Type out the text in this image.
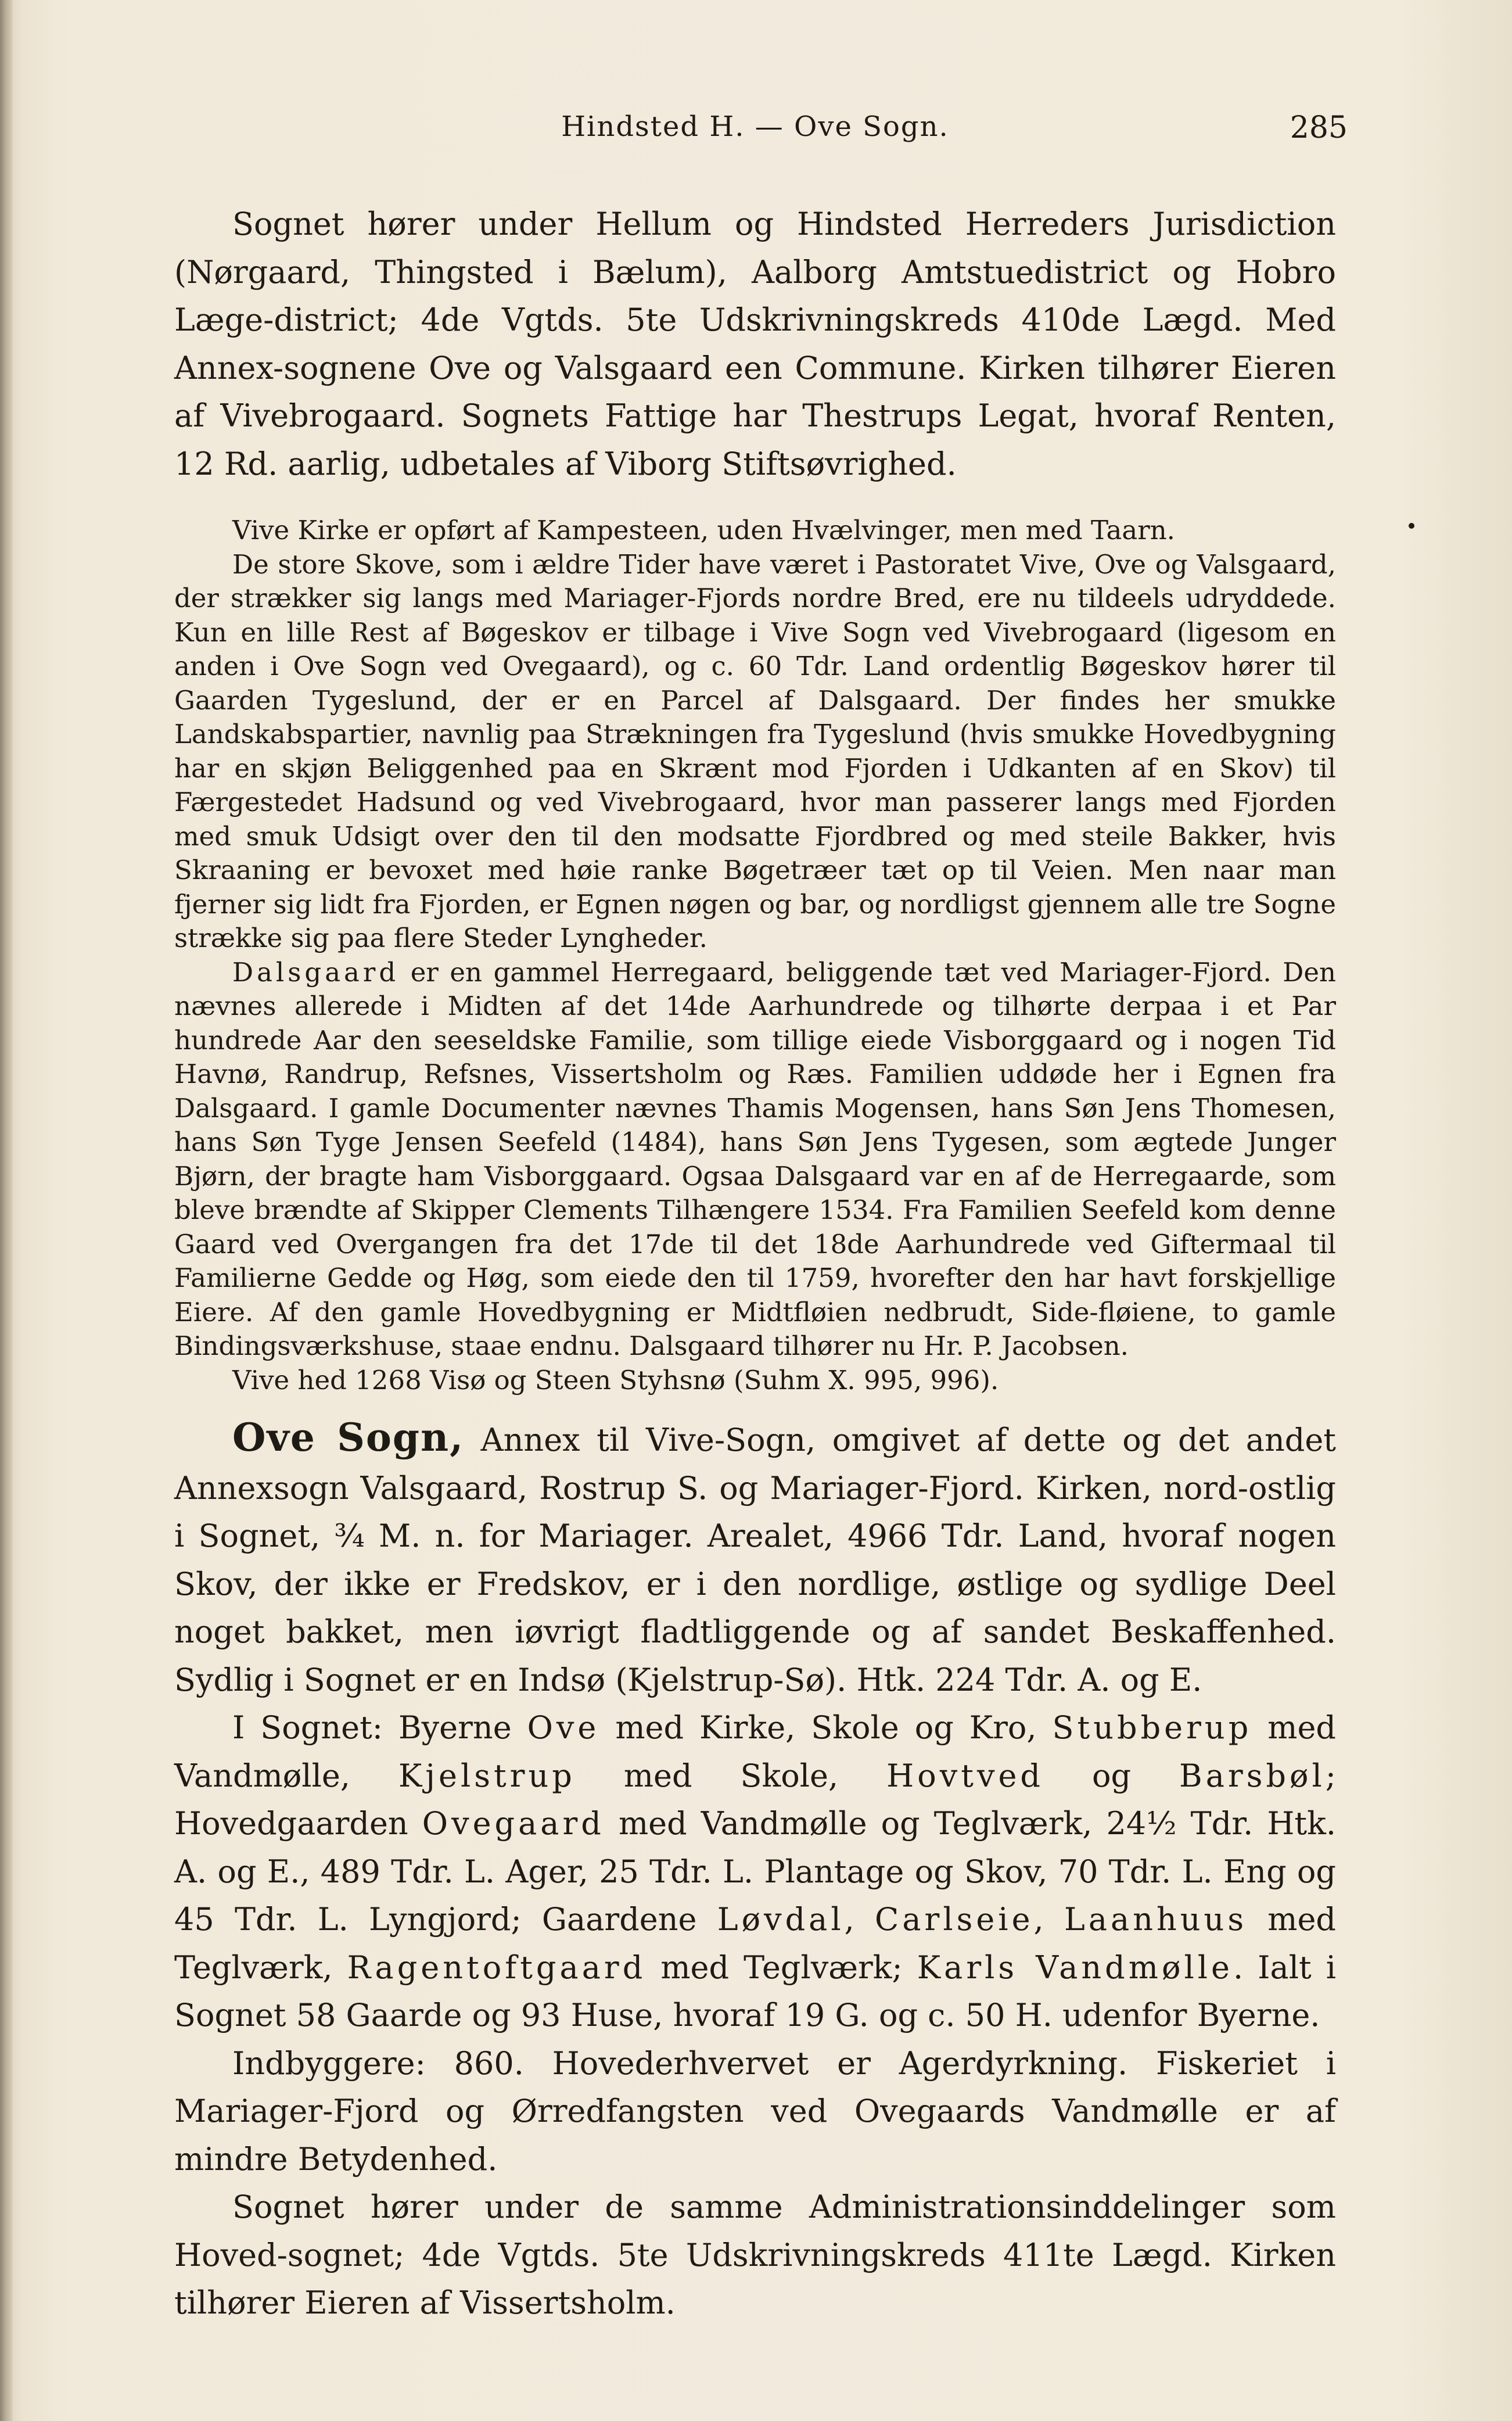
Hindsted H. — Ove Sogn.	285

Sognet hører under Hellum og Hindsted Herreders Jurisdiction (Nørgaard, Thingsted i Bælum), Aalborg Amtstuedistrict og Hobro Læge-district; 4de Vgtds. 5te Udskrivningskreds 410de Lægd. Med Annex-sognene Ove og Valsgaard een Commune. Kirken tilhører Eieren af Vivebrogaard. Sognets Fattige har Thestrups Legat, hvoraf Renten, 12 Rd. aarlig, udbetales af Viborg Stiftsøvrighed.

Vive Kirke er opført af Kampesteen, uden Hvælvinger, men med Taarn.

De store Skove, som i ældre Tider have været i Pastoratet Vive, Ove og Valsgaard, der strækker sig langs med Mariager-Fjords nordre Bred, ere nu tildeels udryddede. Kun en lille Rest af Bøgeskov er tilbage i Vive Sogn ved Vivebrogaard (ligesom en anden i Ove Sogn ved Ovegaard), og c. 60 Tdr. Land ordentlig Bøgeskov hører til Gaarden Tygeslund, der er en Parcel af Dalsgaard. Der findes her smukke Landskabspartier, navnlig paa Strækningen fra Tygeslund (hvis smukke Hovedbygning har en skjøn Beliggenhed paa en Skrænt mod Fjorden i Udkanten af en Skov) til Færgestedet Hadsund og ved Vivebrogaard, hvor man passerer langs med Fjorden med smuk Udsigt over den til den modsatte Fjordbred og med steile Bakker, hvis Skraaning er bevoxet med høie ranke Bøgetræer tæt op til Veien. Men naar man fjerner sig lidt fra Fjorden, er Egnen nøgen og bar, og nordligst gjennem alle tre Sogne strække sig paa flere Steder Lyngheder.

Dalsgaard er en gammel Herregaard, beliggende tæt ved Mariager-Fjord. Den nævnes allerede i Midten af det 14de Aarhundrede og tilhørte derpaa i et Par hundrede Aar den seeseldske Familie, som tillige eiede Visborggaard og i nogen Tid Havnø, Randrup, Refsnes, Vissertsholm og Ræs. Familien uddøde her i Egnen fra Dalsgaard. I gamle Documenter nævnes Thamis Mogensen, hans Søn Jens Thomesen, hans Søn Tyge Jensen Seefeld (1484), hans Søn Jens Tygesen, som ægtede Junger Bjørn, der bragte ham Visborggaard. Ogsaa Dalsgaard var en af de Herregaarde, som bleve brændte af Skipper Clements Tilhængere 1534. Fra Familien Seefeld kom denne Gaard ved Overgangen fra det 17de til det 18de Aarhundrede ved Giftermaal til Familierne Gedde og Høg, som eiede den til 1759, hvorefter den har havt forskjellige Eiere. Af den gamle Hovedbygning er Midtfløien nedbrudt, Side-fløiene, to gamle Bindingsværkshuse, staae endnu. Dalsgaard tilhører nu Hr. P. Jacobsen.

Vive hed 1268 Visø og Steen Styhsnø (Suhm X. 995, 996).

Ove Sogn, Annex til Vive-Sogn, omgivet af dette og det andet Annexsogn Valsgaard, Rostrup S. og Mariager-Fjord. Kirken, nord-ostlig i Sognet, ¾ M. n. for Mariager. Arealet, 4966 Tdr. Land, hvoraf nogen Skov, der ikke er Fredskov, er i den nordlige, østlige og sydlige Deel noget bakket, men iøvrigt fladtliggende og af sandet Beskaffenhed. Sydlig i Sognet er en Indsø (Kjelstrup-Sø). Htk. 224 Tdr. A. og E.

I Sognet: Byerne Ove med Kirke, Skole og Kro, Stubberup med Vandmølle, Kjelstrup med Skole, Hovtved og Barsbøl; Hovedgaarden Ovegaard med Vandmølle og Teglværk, 24½ Tdr. Htk. A. og E., 489 Tdr. L. Ager, 25 Tdr. L. Plantage og Skov, 70 Tdr. L. Eng og 45 Tdr. L. Lyngjord; Gaardene Løvdal, Carlseie, Laanhuus med Teglværk, Ragentoftgaard med Teglværk; Karls Vandmølle. Ialt i Sognet 58 Gaarde og 93 Huse, hvoraf 19 G. og c. 50 H. udenfor Byerne.

Indbyggere: 860. Hovederhvervet er Agerdyrkning. Fiskeriet i Mariager-Fjord og Ørredfangsten ved Ovegaards Vandmølle er af mindre Betydenhed.

Sognet hører under de samme Administrationsinddelinger som Hoved-sognet; 4de Vgtds. 5te Udskrivningskreds 411te Lægd. Kirken tilhører Eieren af Vissertsholm.
